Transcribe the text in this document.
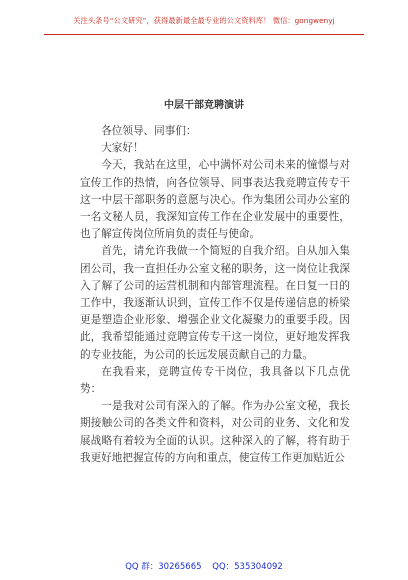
关注头条号“公文研究”，获得最新最全最专业的公文资料库！ 微信：gongwenyj
中层干部竞聘演讲

各位领导、同事们：

大家好！

今天，我站在这里，心中满怀对公司未来的憧憬与对宣传工作的热情，向各位领导、同事表达我竞聘宣传专干这一中层干部职务的意愿与决心。作为集团公司办公室的一名文秘人员，我深知宣传工作在企业发展中的重要性，也了解宣传岗位所肩负的责任与使命。

首先，请允许我做一个简短的自我介绍。自从加入集团公司，我一直担任办公室文秘的职务，这一岗位让我深入了解了公司的运营机制和内部管理流程。在日复一日的工作中，我逐渐认识到，宣传工作不仅是传递信息的桥梁更是塑造企业形象、增强企业文化凝聚力的重要手段。因此，我希望能通过竞聘宣传专干这一岗位，更好地发挥我的专业技能，为公司的长远发展贡献自己的力量。

在我看来，竞聘宣传专干岗位，我具备以下几点优势：

一是我对公司有深入的了解。作为办公室文秘，我长期接触公司的各类文件和资料，对公司的业务、文化和发展战略有着较为全面的认识。这种深入的了解，将有助于我更好地把握宣传的方向和重点，使宣传工作更加贴近公

QQ 群：30265665 QQ：535304092
